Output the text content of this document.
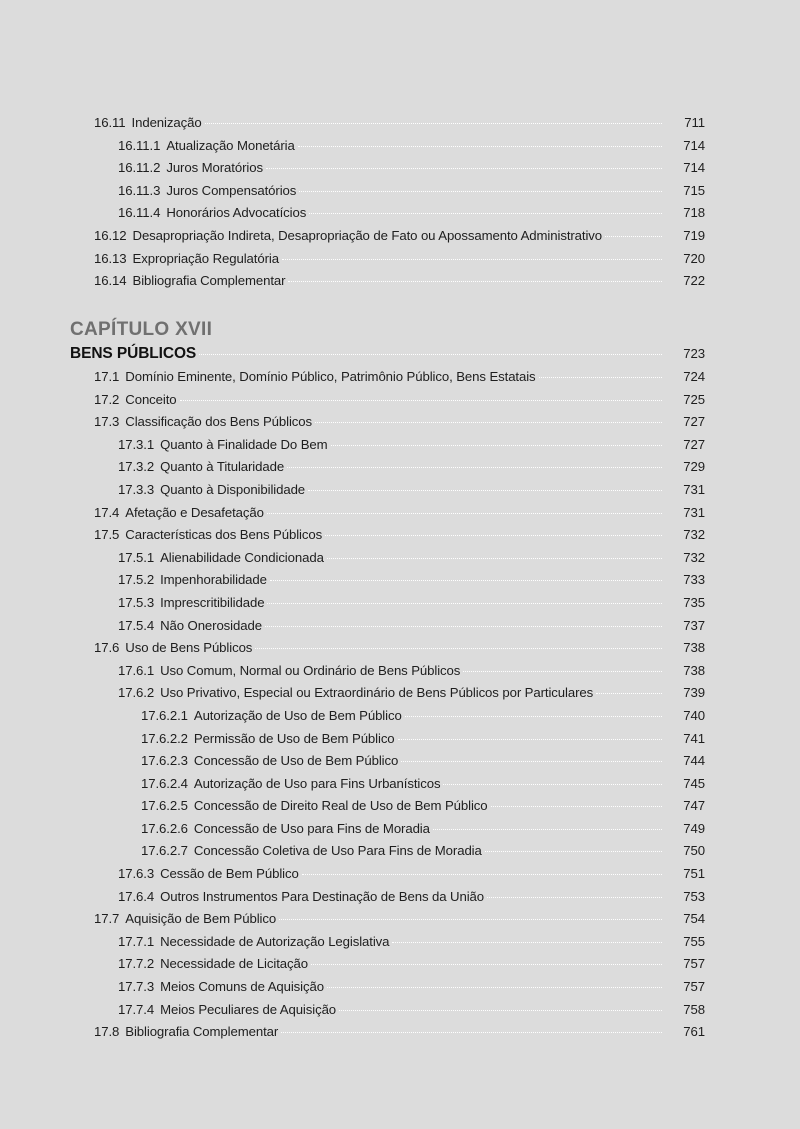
16.11 Indenização	711
16.11.1 Atualização Monetária	714
16.11.2 Juros Moratórios	714
16.11.3 Juros Compensatórios	715
16.11.4 Honorários Advocatícios	718
16.12 Desapropriação Indireta, Desapropriação de Fato ou Apossamento Administrativo	719
16.13 Expropriação Regulatória	720
16.14 Bibliografia Complementar	722
CAPÍTULO XVII
BENS PÚBLICOS	723
17.1 Domínio Eminente, Domínio Público, Patrimônio Público, Bens Estatais	724
17.2 Conceito	725
17.3 Classificação dos Bens Públicos	727
17.3.1 Quanto à Finalidade Do Bem	727
17.3.2 Quanto à Titularidade	729
17.3.3 Quanto à Disponibilidade	731
17.4 Afetação e Desafetação	731
17.5 Características dos Bens Públicos	732
17.5.1 Alienabilidade Condicionada	732
17.5.2 Impenhorabilidade	733
17.5.3 Imprescritibilidade	735
17.5.4 Não Onerosidade	737
17.6 Uso de Bens Públicos	738
17.6.1 Uso Comum, Normal ou Ordinário de Bens Públicos	738
17.6.2 Uso Privativo, Especial ou Extraordinário de Bens Públicos por Particulares	739
17.6.2.1 Autorização de Uso de Bem Público	740
17.6.2.2 Permissão de Uso de Bem Público	741
17.6.2.3 Concessão de Uso de Bem Público	744
17.6.2.4 Autorização de Uso para Fins Urbanísticos	745
17.6.2.5 Concessão de Direito Real de Uso de Bem Público	747
17.6.2.6 Concessão de Uso para Fins de Moradia	749
17.6.2.7 Concessão Coletiva de Uso Para Fins de Moradia	750
17.6.3 Cessão de Bem Público	751
17.6.4 Outros Instrumentos Para Destinação de Bens da União	753
17.7 Aquisição de Bem Público	754
17.7.1 Necessidade de Autorização Legislativa	755
17.7.2 Necessidade de Licitação	757
17.7.3 Meios Comuns de Aquisição	757
17.7.4 Meios Peculiares de Aquisição	758
17.8 Bibliografia Complementar	761
